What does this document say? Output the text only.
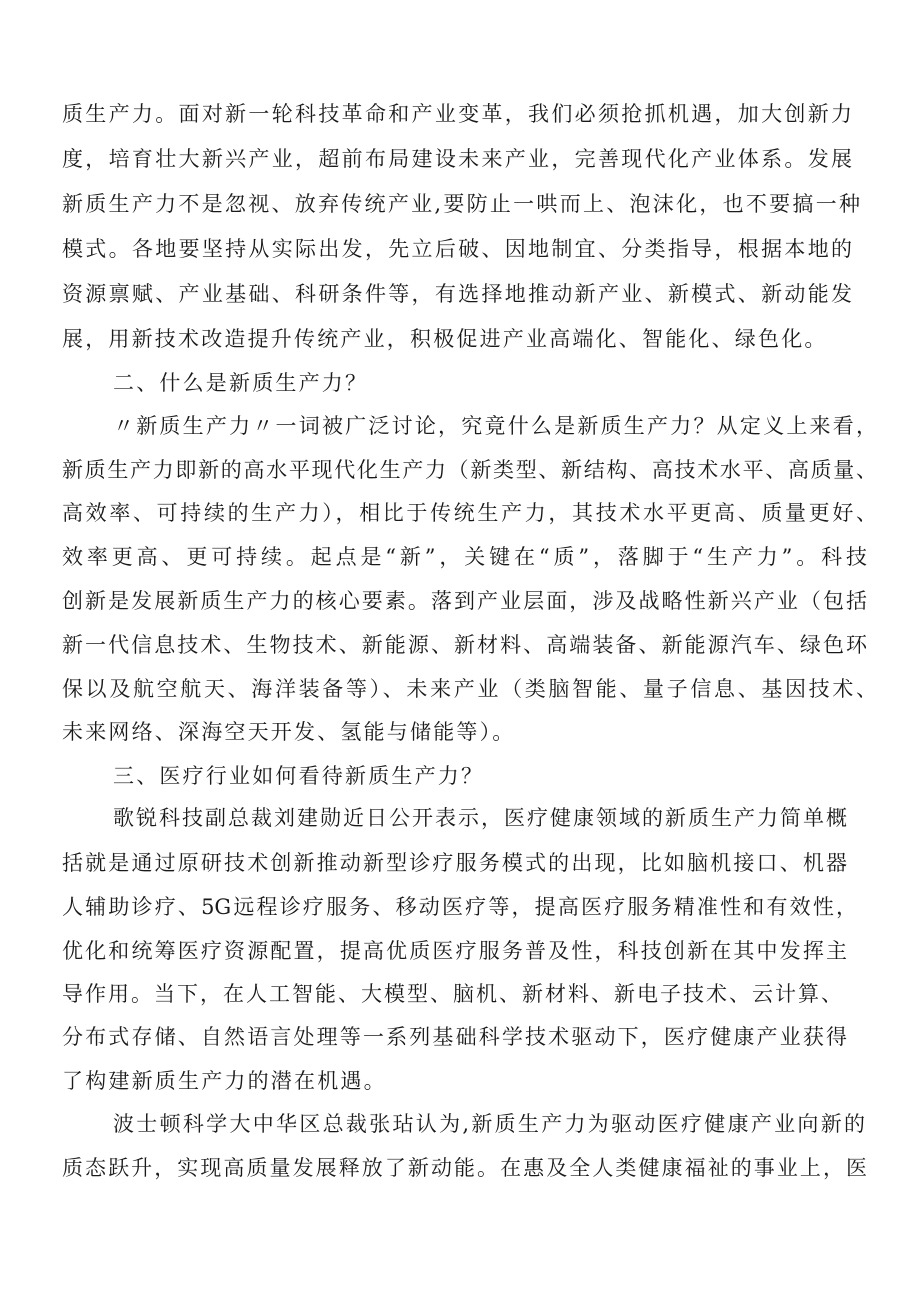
质生产力。面对新一轮科技革命和产业变革，我们必须抢抓机遇，加大创新力
度，培育壮大新兴产业，超前布局建设未来产业，完善现代化产业体系。发展
新质生产力不是忽视、放弃传统产业,要防止一哄而上、泡沫化，也不要搞一种
模式。各地要坚持从实际出发，先立后破、因地制宜、分类指导，根据本地的
资源禀赋、产业基础、科研条件等，有选择地推动新产业、新模式、新动能发
展，用新技术改造提升传统产业，积极促进产业高端化、智能化、绿色化。
二、什么是新质生产力？
〃新质生产力〃一词被广泛讨论，究竟什么是新质生产力？从定义上来看，
新质生产力即新的高水平现代化生产力（新类型、新结构、高技术水平、高质量、
高效率、可持续的生产力），相比于传统生产力，其技术水平更高、质量更好、
效率更高、更可持续。起点是“新”，关键在“质”，落脚于“生产力”。科技
创新是发展新质生产力的核心要素。落到产业层面，涉及战略性新兴产业（包括
新一代信息技术、生物技术、新能源、新材料、高端装备、新能源汽车、绿色环
保以及航空航天、海洋装备等）、未来产业（类脑智能、量子信息、基因技术、
未来网络、深海空天开发、氢能与储能等）。
三、医疗行业如何看待新质生产力？
歌锐科技副总裁刘建勋近日公开表示，医疗健康领域的新质生产力简单概
括就是通过原研技术创新推动新型诊疗服务模式的出现，比如脑机接口、机器
人辅助诊疗、5G远程诊疗服务、移动医疗等，提高医疗服务精准性和有效性，
优化和统筹医疗资源配置，提高优质医疗服务普及性，科技创新在其中发挥主
导作用。当下，在人工智能、大模型、脑机、新材料、新电子技术、云计算、
分布式存储、自然语言处理等一系列基础科学技术驱动下，医疗健康产业获得
了构建新质生产力的潜在机遇。
波士顿科学大中华区总裁张玷认为,新质生产力为驱动医疗健康产业向新的
质态跃升，实现高质量发展释放了新动能。在惠及全人类健康福祉的事业上，医
